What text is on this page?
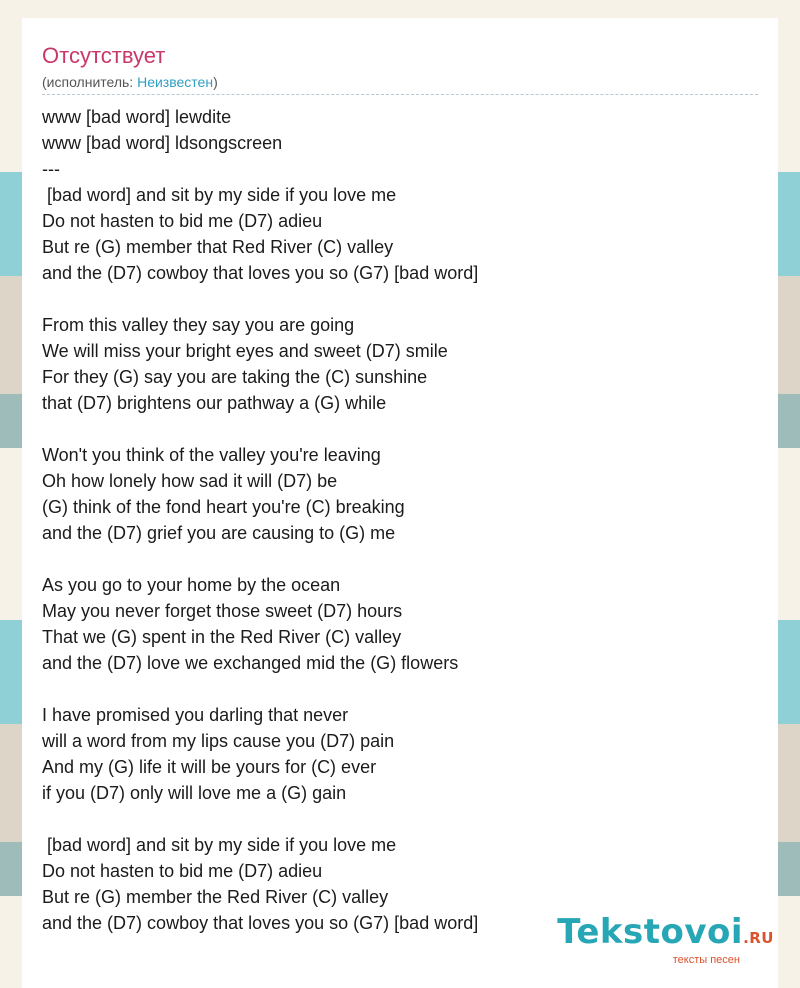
Отсутствует
(исполнитель: Неизвестен)
www [bad word] lewdite
www [bad word] ldsongscreen
---
[bad word] and sit by my side if you love me
Do not hasten to bid me (D7) adieu
But re (G) member that Red River (C) valley
and the (D7) cowboy that loves you so (G7) [bad word]
From this valley they say you are going
We will miss your bright eyes and sweet (D7) smile
For they (G) say you are taking the (C) sunshine
that (D7) brightens our pathway a (G) while
Won't you think of the valley you're leaving
Oh how lonely how sad it will (D7) be
(G) think of the fond heart you're (C) breaking
and the (D7) grief you are causing to (G) me
As you go to your home by the ocean
May you never forget those sweet (D7) hours
That we (G) spent in the Red River (C) valley
and the (D7) love we exchanged mid the (G) flowers
I have promised you darling that never
will a word from my lips cause you (D7) pain
And my (G) life it will be yours for (C) ever
if you (D7) only will love me a (G) gain
[bad word] and sit by my side if you love me
Do not hasten to bid me (D7) adieu
But re (G) member the Red River (C) valley
and the (D7) cowboy that loves you so (G7) [bad word]	Tekstovoi.RU
тексты песен
